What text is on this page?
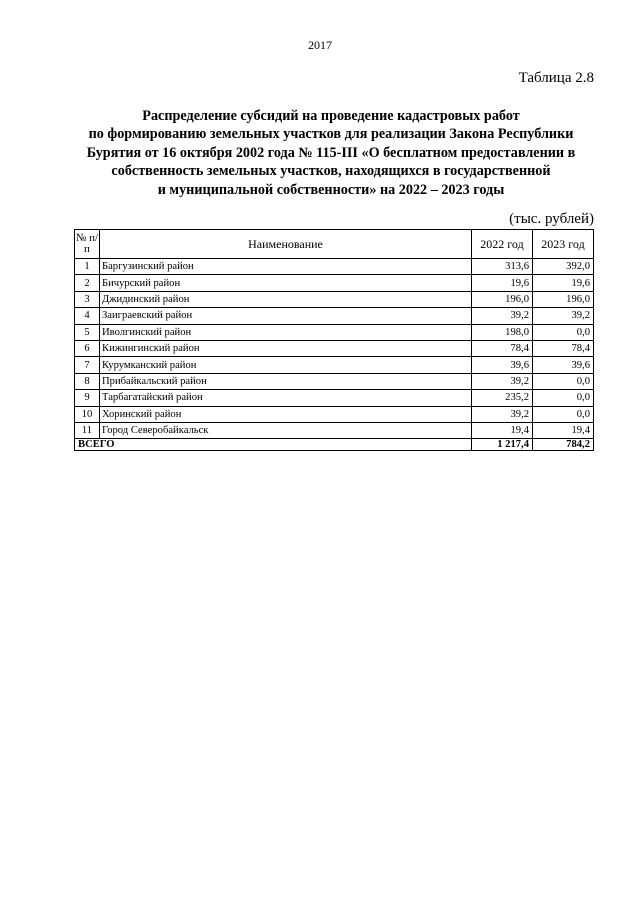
2017
Таблица 2.8
Распределение субсидий на проведение кадастровых работ
по формированию земельных участков для реализации Закона Республики
Бурятия от 16 октября 2002 года № 115-III «О бесплатном предоставлении в
собственность земельных участков, находящихся в государственной
и муниципальной собственности» на 2022 – 2023 годы
(тыс. рублей)
№ п/п	Наименование	2022 год	2023 год
1	Баргузинский район	313,6	392,0
2	Бичурский район	19,6	19,6
3	Джидинский район	196,0	196,0
4	Заиграевский район	39,2	39,2
5	Иволгинский район	198,0	0,0
6	Кижингинский район	78,4	78,4
7	Курумканский район	39,6	39,6
8	Прибайкальский район	39,2	0,0
9	Тарбагатайский район	235,2	0,0
10	Хоринский район	39,2	0,0
11	Город Северобайкальск	19,4	19,4
ВСЕГО		1 217,4	784,2
